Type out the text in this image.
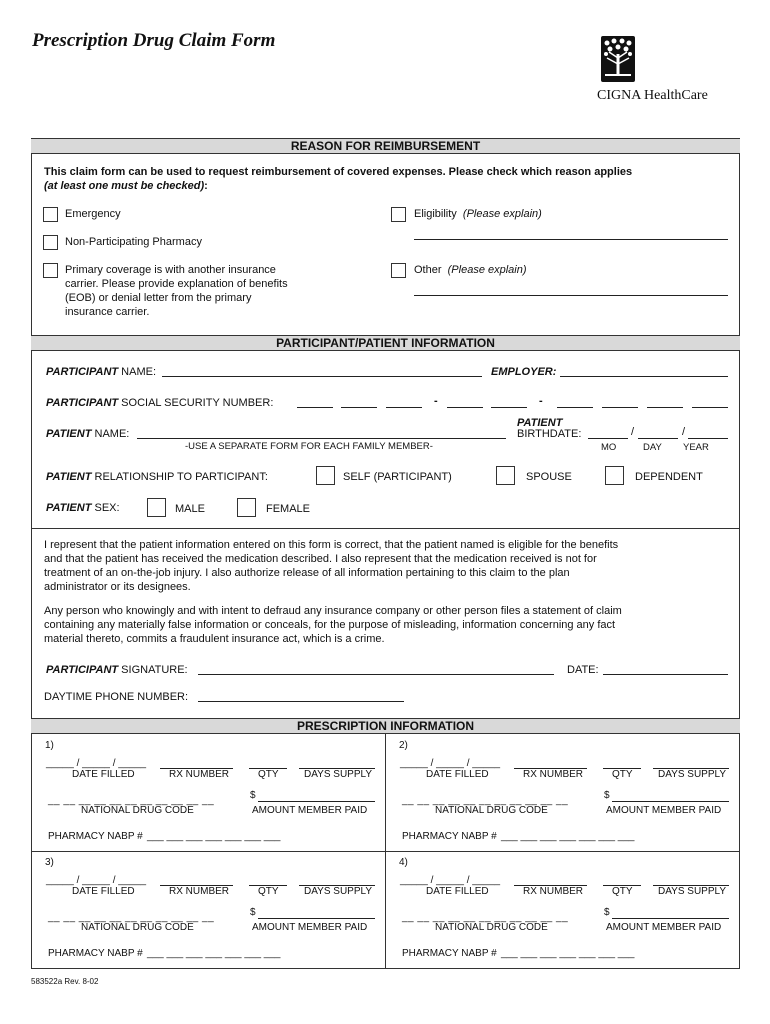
Prescription Drug Claim Form
CIGNA HealthCare
REASON FOR REIMBURSEMENT
This claim form can be used to request reimbursement of covered expenses. Please check which reason applies
(at least one must be checked):
Emergency
Non-Participating Pharmacy
Primary coverage is with another insurance
carrier. Please provide explanation of benefits
(EOB) or denial letter from the primary
insurance carrier.
Eligibility (Please explain)
Other (Please explain)
PARTICIPANT/PATIENT INFORMATION
PARTICIPANT NAME:	EMPLOYER:
PARTICIPANT SOCIAL SECURITY NUMBER:	-	-
PATIENT NAME:
-USE A SEPARATE FORM FOR EACH FAMILY MEMBER-
PATIENT
BIRTHDATE:	/	/
MO	DAY YEAR
PATIENT RELATIONSHIP TO PARTICIPANT:	SELF (PARTICIPANT)	SPOUSE	DEPENDENT
PATIENT SEX:	MALE	FEMALE
I represent that the patient information entered on this form is correct, that the patient named is eligible for the benefits
and that the patient has received the medication described. I also represent that the medication received is not for
treatment of an on-the-job injury. I also authorize release of all information pertaining to this claim to the plan
administrator or its designees.
Any person who knowingly and with intent to defraud any insurance company or other person files a statement of claim
containing any materially false information or conceals, for the purpose of misleading, information concerning any fact
material thereto, commits a fraudulent insurance act, which is a crime.
PARTICIPANT SIGNATURE:	DATE:
DAYTIME PHONE NUMBER:
PRESCRIPTION INFORMATION
1)
_____ / _____ / _____
DATE FILLED	RX NUMBER	QTY	DAYS SUPPLY
__ __ __ __ __ __ __ __ __ __ __	$
NATIONAL DRUG CODE	AMOUNT MEMBER PAID
PHARMACY NABP # ___ ___ ___ ___ ___ ___ ___
2)
_____ / _____ / _____
DATE FILLED	RX NUMBER	QTY	DAYS SUPPLY
__ __ __ __ __ __ __ __ __ __ __	$
NATIONAL DRUG CODE	AMOUNT MEMBER PAID
PHARMACY NABP # ___ ___ ___ ___ ___ ___ ___
3)
_____ / _____ / _____
DATE FILLED	RX NUMBER	QTY	DAYS SUPPLY
__ __ __ __ __ __ __ __ __ __ __	$
NATIONAL DRUG CODE	AMOUNT MEMBER PAID
PHARMACY NABP # ___ ___ ___ ___ ___ ___ ___
4)
_____ / _____ / _____
DATE FILLED	RX NUMBER	QTY	DAYS SUPPLY
__ __ __ __ __ __ __ __ __ __ __	$
NATIONAL DRUG CODE	AMOUNT MEMBER PAID
PHARMACY NABP # ___ ___ ___ ___ ___ ___ ___
583522a Rev. 8-02
